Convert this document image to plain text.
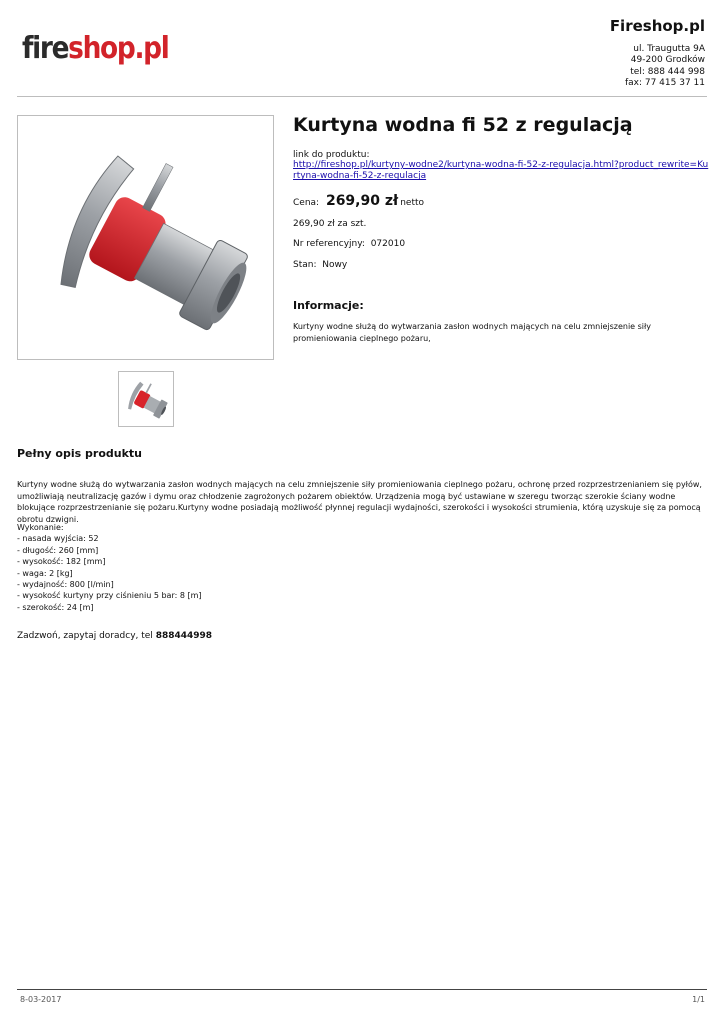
fireshop.pl
Fireshop.pl
ul. Traugutta 9A
49-200 Grodków
tel: 888 444 998
fax: 77 415 37 11
Kurtyna wodna fi 52 z regulacją
link do produktu:
http://fireshop.pl/kurtyny-wodne2/kurtyna-wodna-fi-52-z-regulacja.html?product_rewrite=Kurtyna-wodna-fi-52-z-regulacja
Cena: 269,90 zł netto
269,90 zł za szt.
Nr referencyjny: 072010
Stan: Nowy
Informacje:
Kurtyny wodne służą do wytwarzania zasłon wodnych mających na celu zmniejszenie siły promieniowania cieplnego pożaru,
Pełny opis produktu
Kurtyny wodne służą do wytwarzania zasłon wodnych mających na celu zmniejszenie siły promieniowania cieplnego pożaru, ochronę przed rozprzestrzenianiem się pyłów, umożliwiają neutralizację gazów i dymu oraz chłodzenie zagrożonych pożarem obiektów. Urządzenia mogą być ustawiane w szeregu tworząc szerokie ściany wodne blokujące rozprzestrzenianie się pożaru.Kurtyny wodne posiadają możliwość płynnej regulacji wydajności, szerokości i wysokości strumienia, którą uzyskuje się za pomocą obrotu dzwigni.
Wykonanie:
- nasada wyjścia: 52
- długość: 260 [mm]
- wysokość: 182 [mm]
- waga: 2 [kg]
- wydajność: 800 [l/min]
- wysokość kurtyny przy ciśnieniu 5 bar: 8 [m]
- szerokość: 24 [m]
Zadzwoń, zapytaj doradcy, tel 888444998
8-03-2017	1/1
